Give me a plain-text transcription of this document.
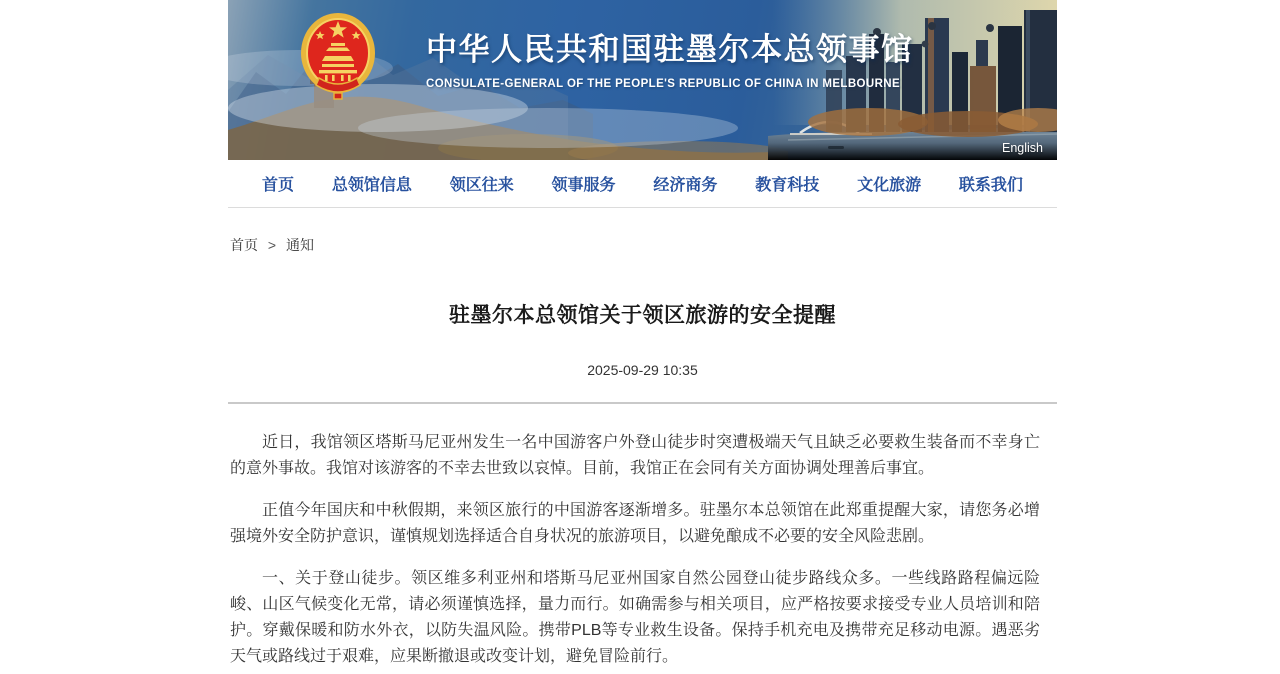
中华人民共和国驻墨尔本总领事馆
CONSULATE-GENERAL OF THE PEOPLE'S REPUBLIC OF CHINA IN MELBOURNE
English
首页 总领馆信息 领区往来 领事服务 经济商务 教育科技 文化旅游 联系我们
首页 > 通知
驻墨尔本总领馆关于领区旅游的安全提醒
2025-09-29 10:35

近日，我馆领区塔斯马尼亚州发生一名中国游客户外登山徒步时突遭极端天气且缺乏必要救生装备而不幸身亡的意外事故。我馆对该游客的不幸去世致以哀悼。目前，我馆正在会同有关方面协调处理善后事宜。

正值今年国庆和中秋假期，来领区旅行的中国游客逐渐增多。驻墨尔本总领馆在此郑重提醒大家，请您务必增强境外安全防护意识，谨慎规划选择适合自身状况的旅游项目，以避免酿成不必要的安全风险悲剧。

一、关于登山徒步。领区维多利亚州和塔斯马尼亚州国家自然公园登山徒步路线众多。一些线路路程偏远险峻、山区气候变化无常，请必须谨慎选择，量力而行。如确需参与相关项目，应严格按要求接受专业人员培训和陪护。穿戴保暖和防水外衣，以防失温风险。携带PLB等专业救生设备。保持手机充电及携带充足移动电源。遇恶劣天气或路线过于艰难，应果断撤退或改变计划，避免冒险前行。
